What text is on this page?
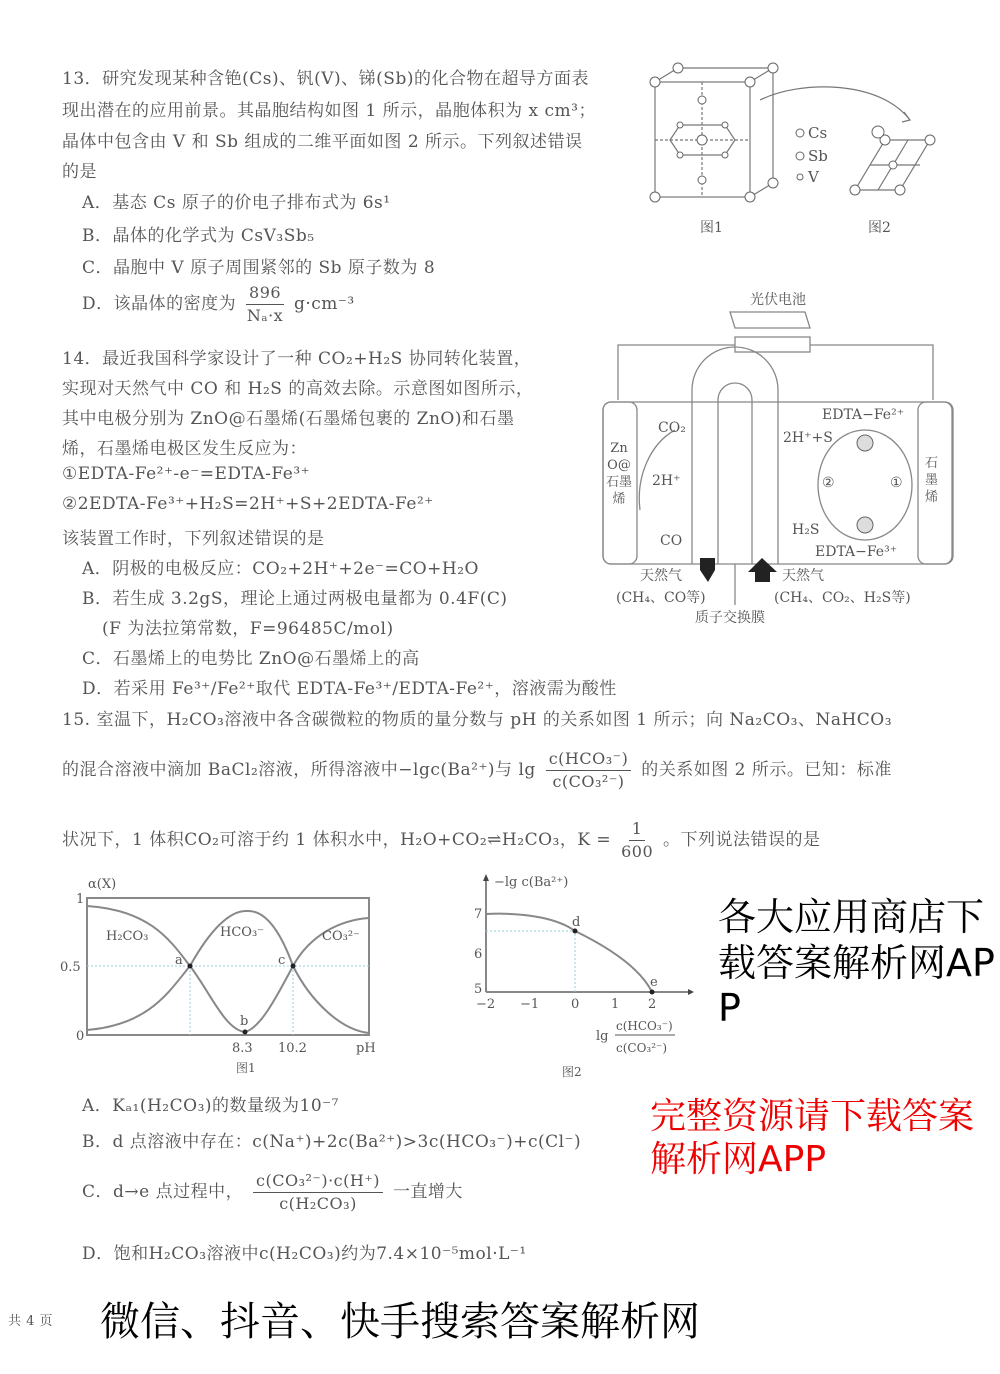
13．研究发现某种含铯(Cs)、钒(V)、锑(Sb)的化合物在超导方面表
现出潜在的应用前景。其晶胞结构如图 1 所示，晶胞体积为 x cm³；
晶体中包含由 V 和 Sb 组成的二维平面如图 2 所示。下列叙述错误
的是
A．基态 Cs 原子的价电子排布式为 6s¹
B．晶体的化学式为 CsV₃Sb₅
C．晶胞中 V 原子周围紧邻的 Sb 原子数为 8
D．该晶体的密度为 $\frac{896}{\text{Nₐ·x}} g\cdot cm^{-3}$
Cs
Sb
V
图1	图2
14．最近我国科学家设计了一种 CO₂+H₂S 协同转化装置，
实现对天然气中 CO 和 H₂S 的高效去除。示意图如图所示，
其中电极分别为 ZnO@石墨烯(石墨烯包裹的 ZnO)和石墨
烯，石墨烯电极区发生反应为：
①EDTA-Fe²⁺-e⁻=EDTA-Fe³⁺
②2EDTA-Fe³⁺+H₂S=2H⁺+S+2EDTA-Fe²⁺
该装置工作时，下列叙述错误的是
A．阴极的电极反应：CO₂+2H⁺+2e⁻=CO+H₂O
B．若生成 3.2gS，理论上通过两极电量都为 0.4F(C)
(F 为法拉第常数，F=96485C/mol)
C．石墨烯上的电势比 ZnO@石墨烯上的高
D．若采用 Fe³⁺/Fe²⁺取代 EDTA-Fe³⁺/EDTA-Fe²⁺，溶液需为酸性
光伏电池
ZnO@石墨烯
石墨烯
CO₂
2H⁺
CO
2H⁺+S
EDTA−Fe²⁺
EDTA−Fe³⁺
H₂S
①
②
天然气
(CH₄、CO等)
天然气
(CH₄、CO₂、H₂S等)
质子交换膜
15. 室温下，H₂CO₃溶液中各含碳微粒的物质的量分数与 pH 的关系如图 1 所示；向 Na₂CO₃、NaHCO₃
的混合溶液中滴加 BaCl₂溶液，所得溶液中−lgc(Ba²⁺)与 $\lg \frac{\text{c(HCO₃⁻)}}{\text{c(CO₃²⁻)}}$ 的关系如图 2 所示。已知：标准
状况下，1 体积CO₂可溶于约 1 体积水中，H₂O+CO₂⇌H₂CO₃，$K = \frac{1}{600}$ 。下列说法错误的是
α(X)
1
0.5
0
8.3 10.2	pH
H₂CO₃	HCO₃⁻	CO₃²⁻
a
b
c
图1
−lg c(Ba²⁺)
7
6
5
−2 −1 0 1 2
d
e
lg
c(HCO₃⁻)
c(CO₃²⁻)
图2
A．Kₐ₁(H₂CO₃)的数量级为10⁻⁷
B．d 点溶液中存在：c(Na⁺)+2c(Ba²⁺)>3c(HCO₃⁻)+c(Cl⁻)
C．d→e 点过程中， $\frac{\text{c(CO₃²⁻)·c(H⁺)}}{\text{c(H₂CO₃)}}$ 一直增大
D．饱和H₂CO₃溶液中c(H₂CO₃)约为7.4×10⁻⁵mol·L⁻¹
共 4 页
各大应用商店下载答案解析网APP
完整资源请下载答案解析网APP
微信、抖音、快手搜索答案解析网
